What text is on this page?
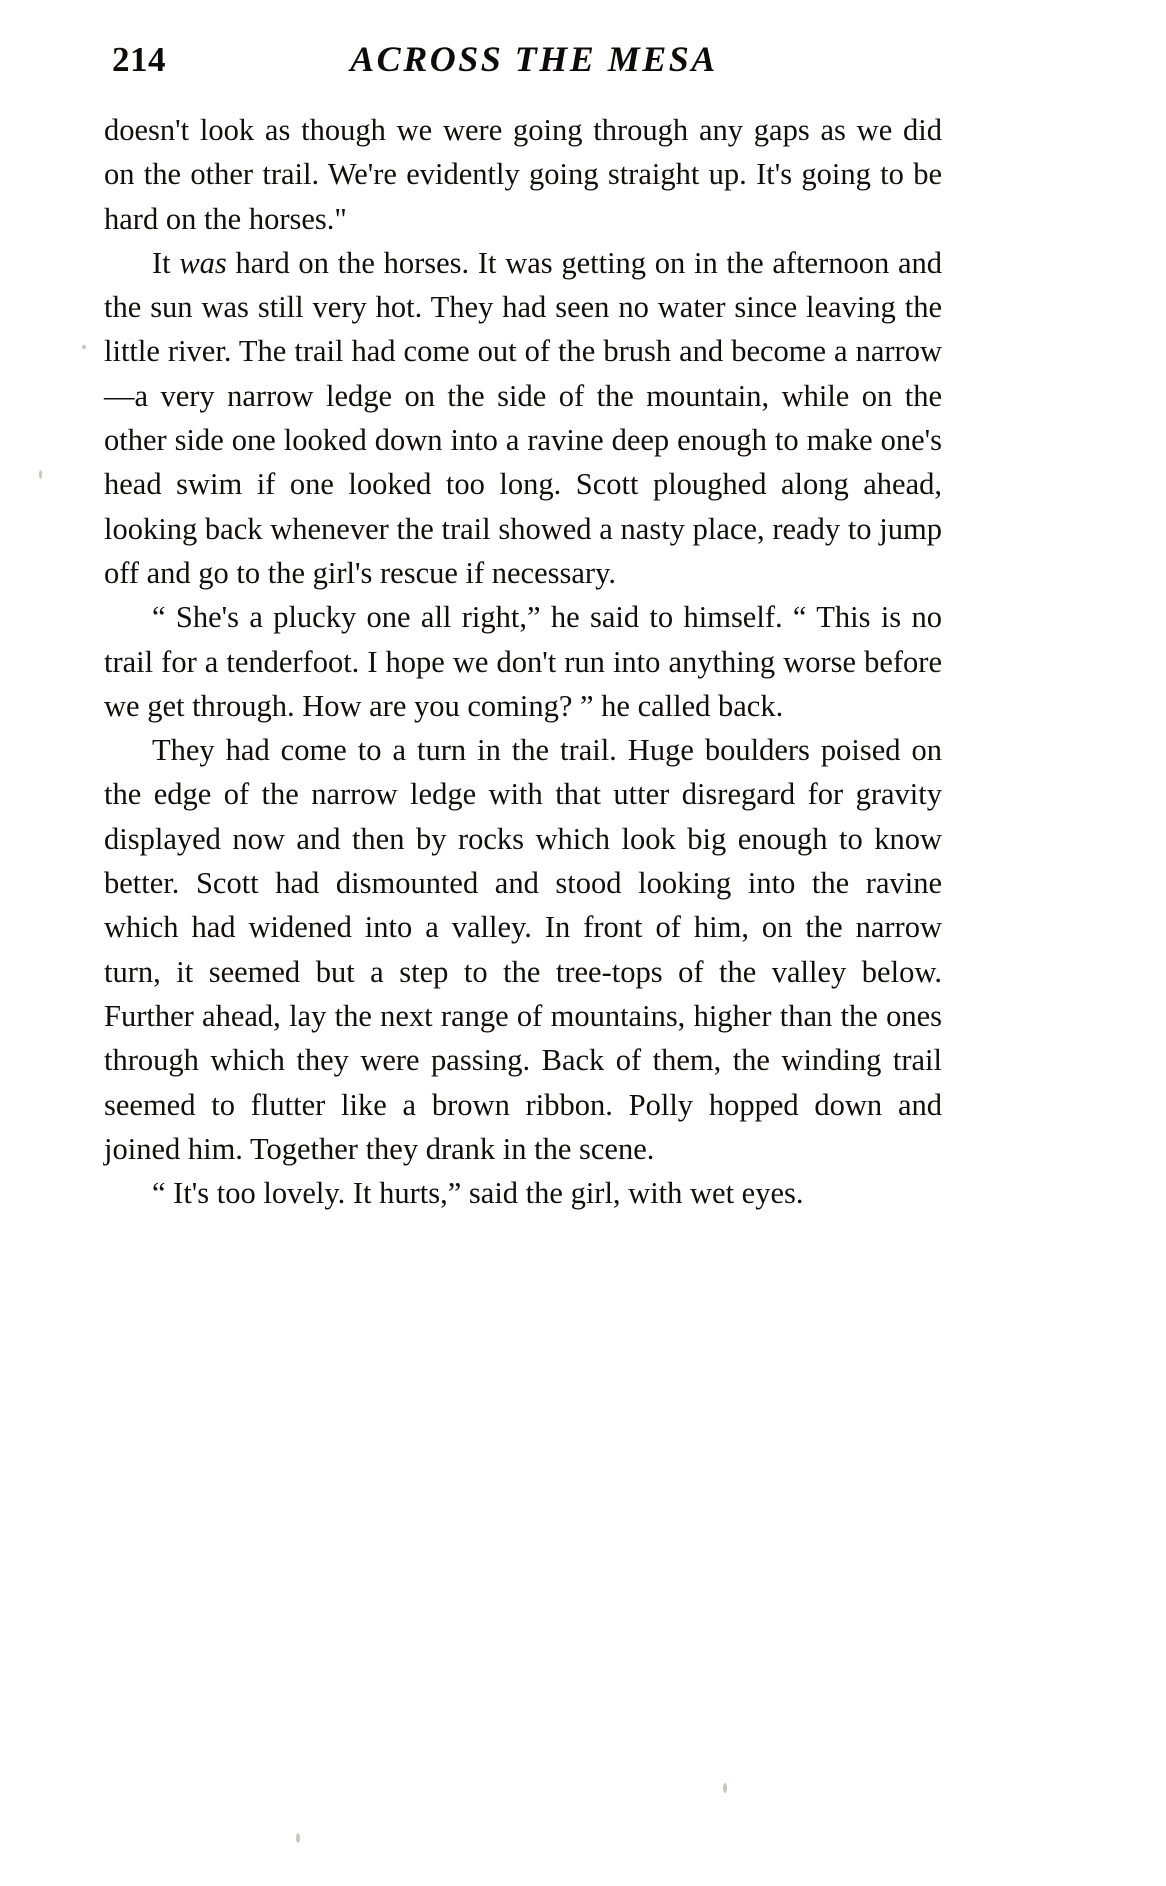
214	ACROSS THE MESA

doesn't look as though we were going through any gaps as we did on the other trail. We're evidently going straight up. It's going to be hard on the horses."

It was hard on the horses. It was getting on in the afternoon and the sun was still very hot. They had seen no water since leaving the little river. The trail had come out of the brush and become a narrow—a very narrow ledge on the side of the mountain, while on the other side one looked down into a ravine deep enough to make one's head swim if one looked too long. Scott ploughed along ahead, looking back whenever the trail showed a nasty place, ready to jump off and go to the girl's rescue if necessary.

“ She's a plucky one all right,” he said to himself. “ This is no trail for a tenderfoot. I hope we don't run into anything worse before we get through. How are you coming? ” he called back.

They had come to a turn in the trail. Huge boulders poised on the edge of the narrow ledge with that utter disregard for gravity displayed now and then by rocks which look big enough to know better. Scott had dismounted and stood looking into the ravine which had widened into a valley. In front of him, on the narrow turn, it seemed but a step to the tree-tops of the valley below. Further ahead, lay the next range of mountains, higher than the ones through which they were passing. Back of them, the winding trail seemed to flutter like a brown ribbon. Polly hopped down and joined him. Together they drank in the scene.

“ It's too lovely. It hurts,” said the girl, with wet eyes.
